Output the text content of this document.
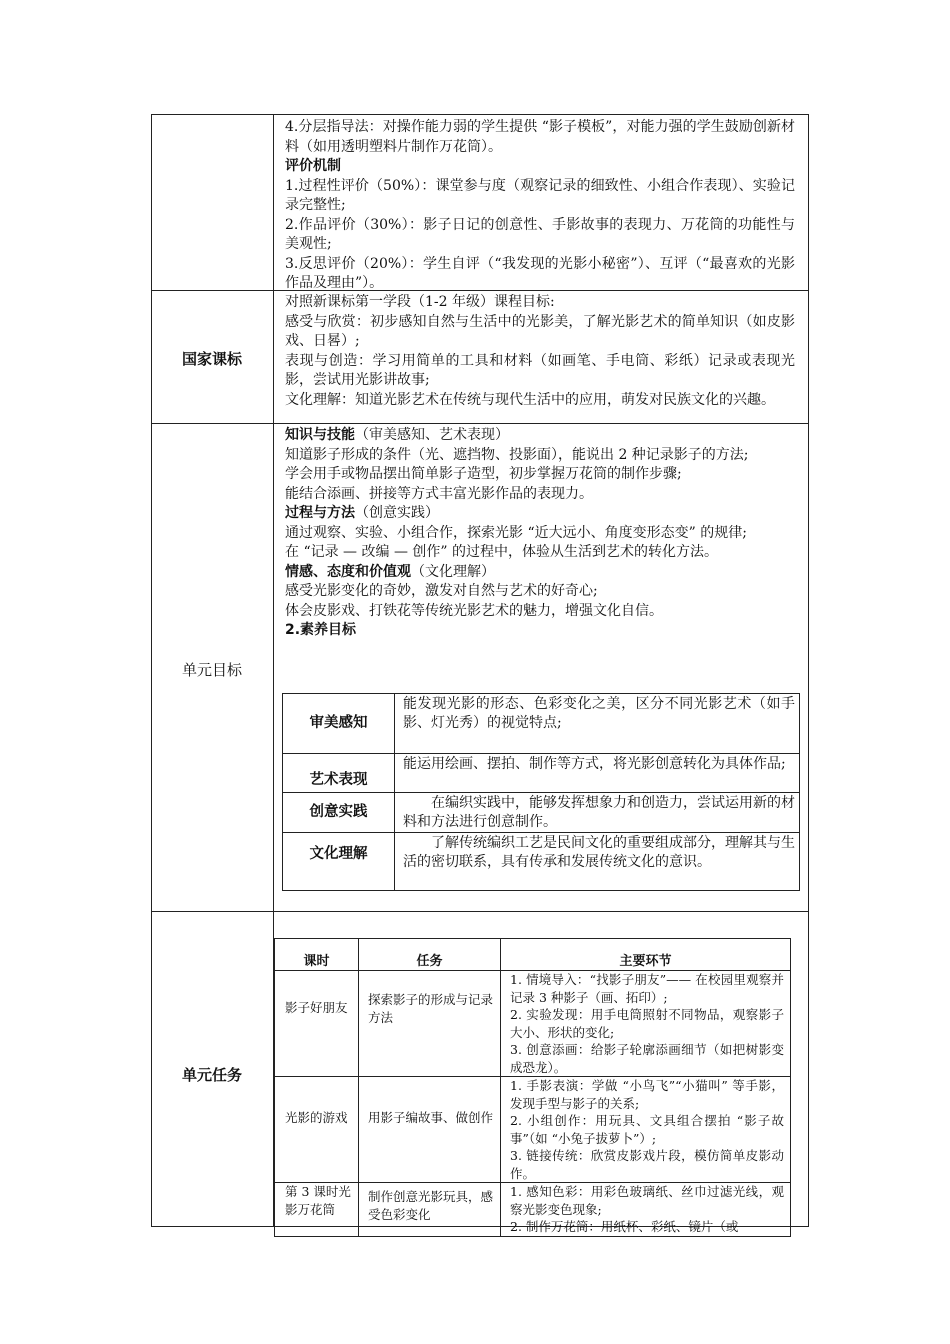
4.分层指导法：对操作能力弱的学生提供 “影子模板”，对能力强的学生鼓励创新材料（如用透明塑料片制作万花筒）。

评价机制

1.过程性评价（50%）：课堂参与度（观察记录的细致性、小组合作表现）、实验记录完整性;

2.作品评价（30%）：影子日记的创意性、手影故事的表现力、万花筒的功能性与美观性;

3.反思评价（20%）：学生自评（“我发现的光影小秘密”）、互评（“最喜欢的光影作品及理由”）。

国家课标

对照新课标第一学段（1-2 年级）课程目标:

感受与欣赏：初步感知自然与生活中的光影美，了解光影艺术的简单知识（如皮影戏、日晷）;

表现与创造：学习用简单的工具和材料（如画笔、手电筒、彩纸）记录或表现光影，尝试用光影讲故事;

文化理解：知道光影艺术在传统与现代生活中的应用，萌发对民族文化的兴趣。

单元目标

知识与技能（审美感知、艺术表现）

知道影子形成的条件（光、遮挡物、投影面），能说出 2 种记录影子的方法;

学会用手或物品摆出简单影子造型，初步掌握万花筒的制作步骤;

能结合添画、拼接等方式丰富光影作品的表现力。

过程与方法（创意实践）

通过观察、实验、小组合作，探索光影 “近大远小、角度变形态变” 的规律;

在 “记录 — 改编 — 创作” 的过程中，体验从生活到艺术的转化方法。

情感、态度和价值观（文化理解）

感受光影变化的奇妙，激发对自然与艺术的好奇心;

体会皮影戏、打铁花等传统光影艺术的魅力，增强文化自信。

2.素养目标

审美感知	能发现光影的形态、色彩变化之美，区分不同光影艺术（如手影、灯光秀）的视觉特点;
艺术表现	能运用绘画、摆拍、制作等方式，将光影创意转化为具体作品;
创意实践	在编织实践中，能够发挥想象力和创造力，尝试运用新的材料和方法进行创意制作。
文化理解	了解传统编织工艺是民间文化的重要组成部分，理解其与生活的密切联系，具有传承和发展传统文化的意识。
单元任务
课时	任务	主要环节
影子好朋友	探索影子的形成与记录方法	1. 情境导入：“找影子朋友”—— 在校园里观察并记录 3 种影子（画、拓印）;
2. 实验发现：用手电筒照射不同物品，观察影子大小、形状的变化;
3. 创意添画：给影子轮廓添画细节（如把树影变成恐龙）。

光影的游戏	用影子编故事、做创作	1. 手影表演：学做 “小鸟飞”“小猫叫” 等手影，发现手型与影子的关系;
2. 小组创作：用玩具、文具组合摆拍 “影子故事”（如 “小兔子拔萝卜”）;
3. 链接传统：欣赏皮影戏片段，模仿简单皮影动作。

第 3 课时光影万花筒	制作创意光影玩具，感受色彩变化	1. 感知色彩：用彩色玻璃纸、丝巾过滤光线，观察光影变色现象;
2. 制作万花筒：用纸杯、彩纸、镜片（或
